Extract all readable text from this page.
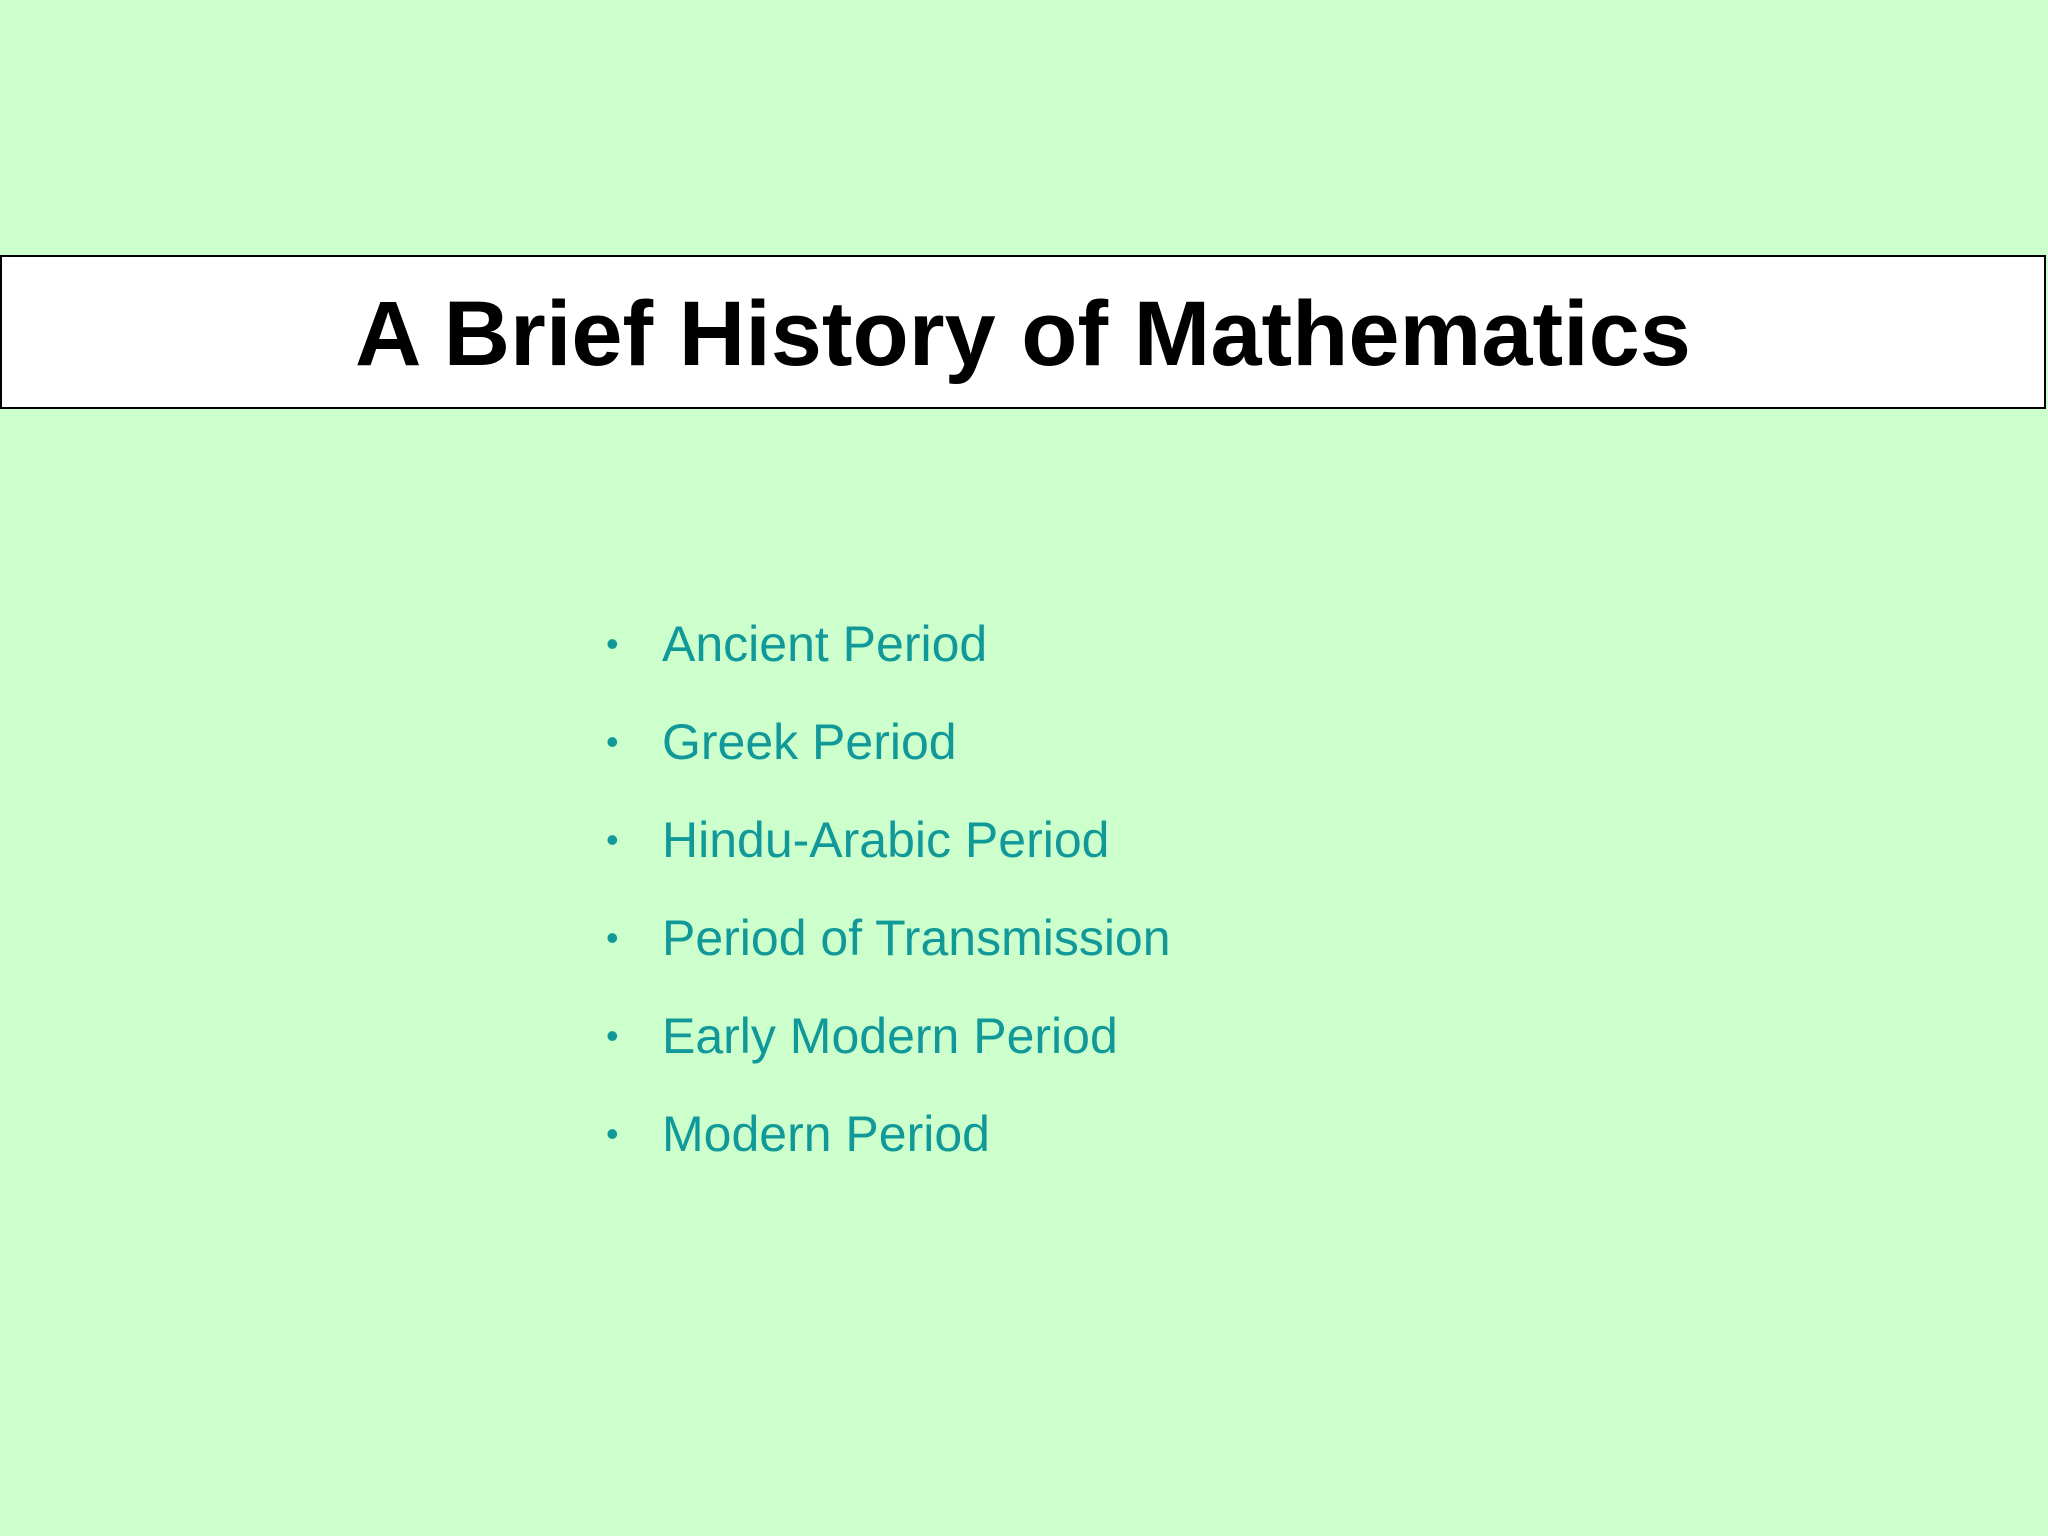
A Brief History of Mathematics
• Ancient Period
• Greek Period
• Hindu-Arabic Period
• Period of Transmission
• Early Modern Period
• Modern Period
